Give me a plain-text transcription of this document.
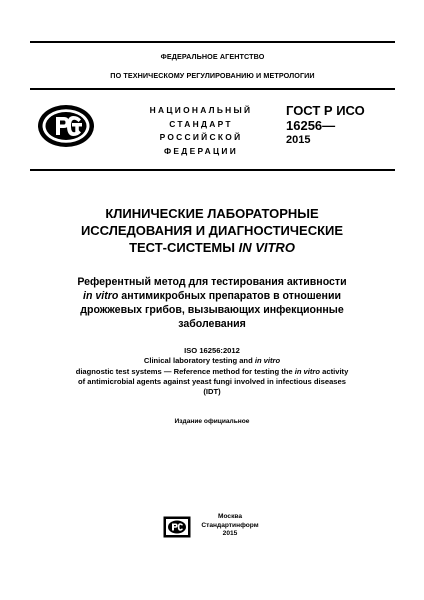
ФЕДЕРАЛЬНОЕ АГЕНТСТВО
ПО ТЕХНИЧЕСКОМУ РЕГУЛИРОВАНИЮ И МЕТРОЛОГИИ
НАЦИОНАЛЬНЫЙ
СТАНДАРТ
РОССИЙСКОЙ
ФЕДЕРАЦИИ
ГОСТ Р ИСО
16256—
2015
КЛИНИЧЕСКИЕ ЛАБОРАТОРНЫЕ
ИССЛЕДОВАНИЯ И ДИАГНОСТИЧЕСКИЕ
ТЕСТ-СИСТЕМЫ IN VITRO
Референтный метод для тестирования активности
in vitro антимикробных препаратов в отношении
дрожжевых грибов, вызывающих инфекционные
заболевания
ISO 16256:2012
Clinical laboratory testing and in vitro
diagnostic test systems — Reference method for testing the in vitro activity
of antimicrobial agents against yeast fungi involved in infectious diseases
(IDT)
Издание официальное
Москва
Стандартинформ
2015
